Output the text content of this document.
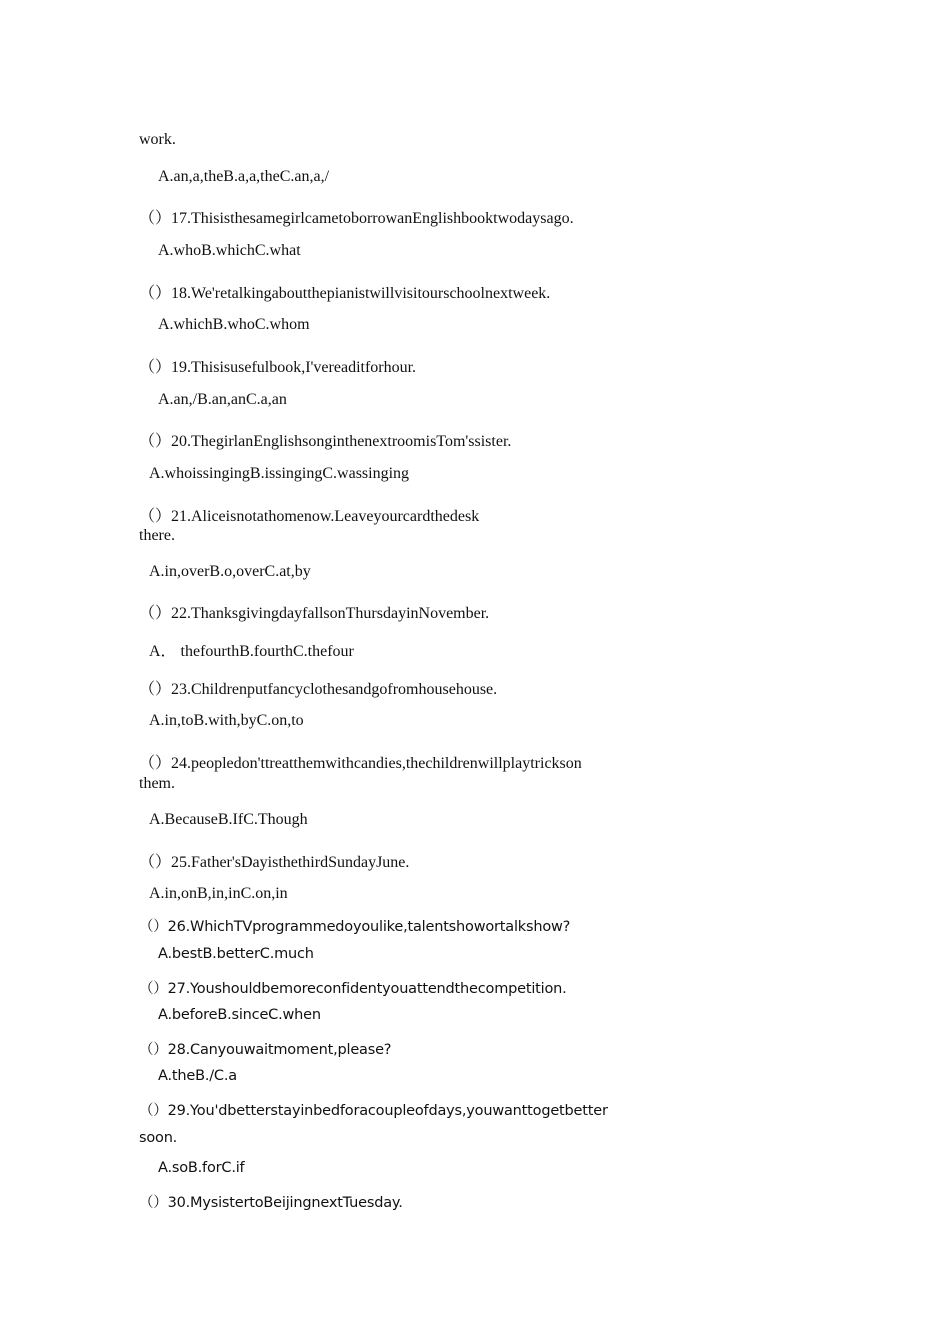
work.

A.an,a,theB.a,a,theC.an,a,/

（）17.ThisisthesamegirlcametoborrowanEnglishbooktwodaysago.

A.whoB.whichC.what

（）18.We'retalkingaboutthepianistwillvisitourschoolnextweek.

A.whichB.whoC.whom

（）19.Thisisusefulbook,I'vereaditforhour.

A.an,/B.an,anC.a,an

（）20.ThegirlanEnglishsonginthenextroomisTom'ssister.

A.whoissingingB.issingingC.wassinging

（）21.Aliceisnotathomenow.Leaveyourcardthedesk

there.

A.in,overB.o,overC.at,by

（）22.ThanksgivingdayfallsonThursdayinNovember.

A． thefourthB.fourthC.thefour

（）23.Childrenputfancyclothesandgofromhousehouse.

A.in,toB.with,byC.on,to

（）24.peopledon'ttreatthemwithcandies,thechildrenwillplaytrickson

them.

A.BecauseB.IfC.Though

（）25.Father'sDayisthethirdSundayJune.

A.in,onB,in,inC.on,in

（）26.WhichTVprogrammedoyoulike,talentshowortalkshow?

A.bestB.betterC.much

（）27.Youshouldbemoreconfidentyouattendthecompetition.

A.beforeB.sinceC.when

（）28.Canyouwaitmoment,please?

A.theB./C.a

（）29.You'dbetterstayinbedforacoupleofdays,youwanttogetbetter

soon.

A.soB.forC.if

（）30.MysistertoBeijingnextTuesday.
